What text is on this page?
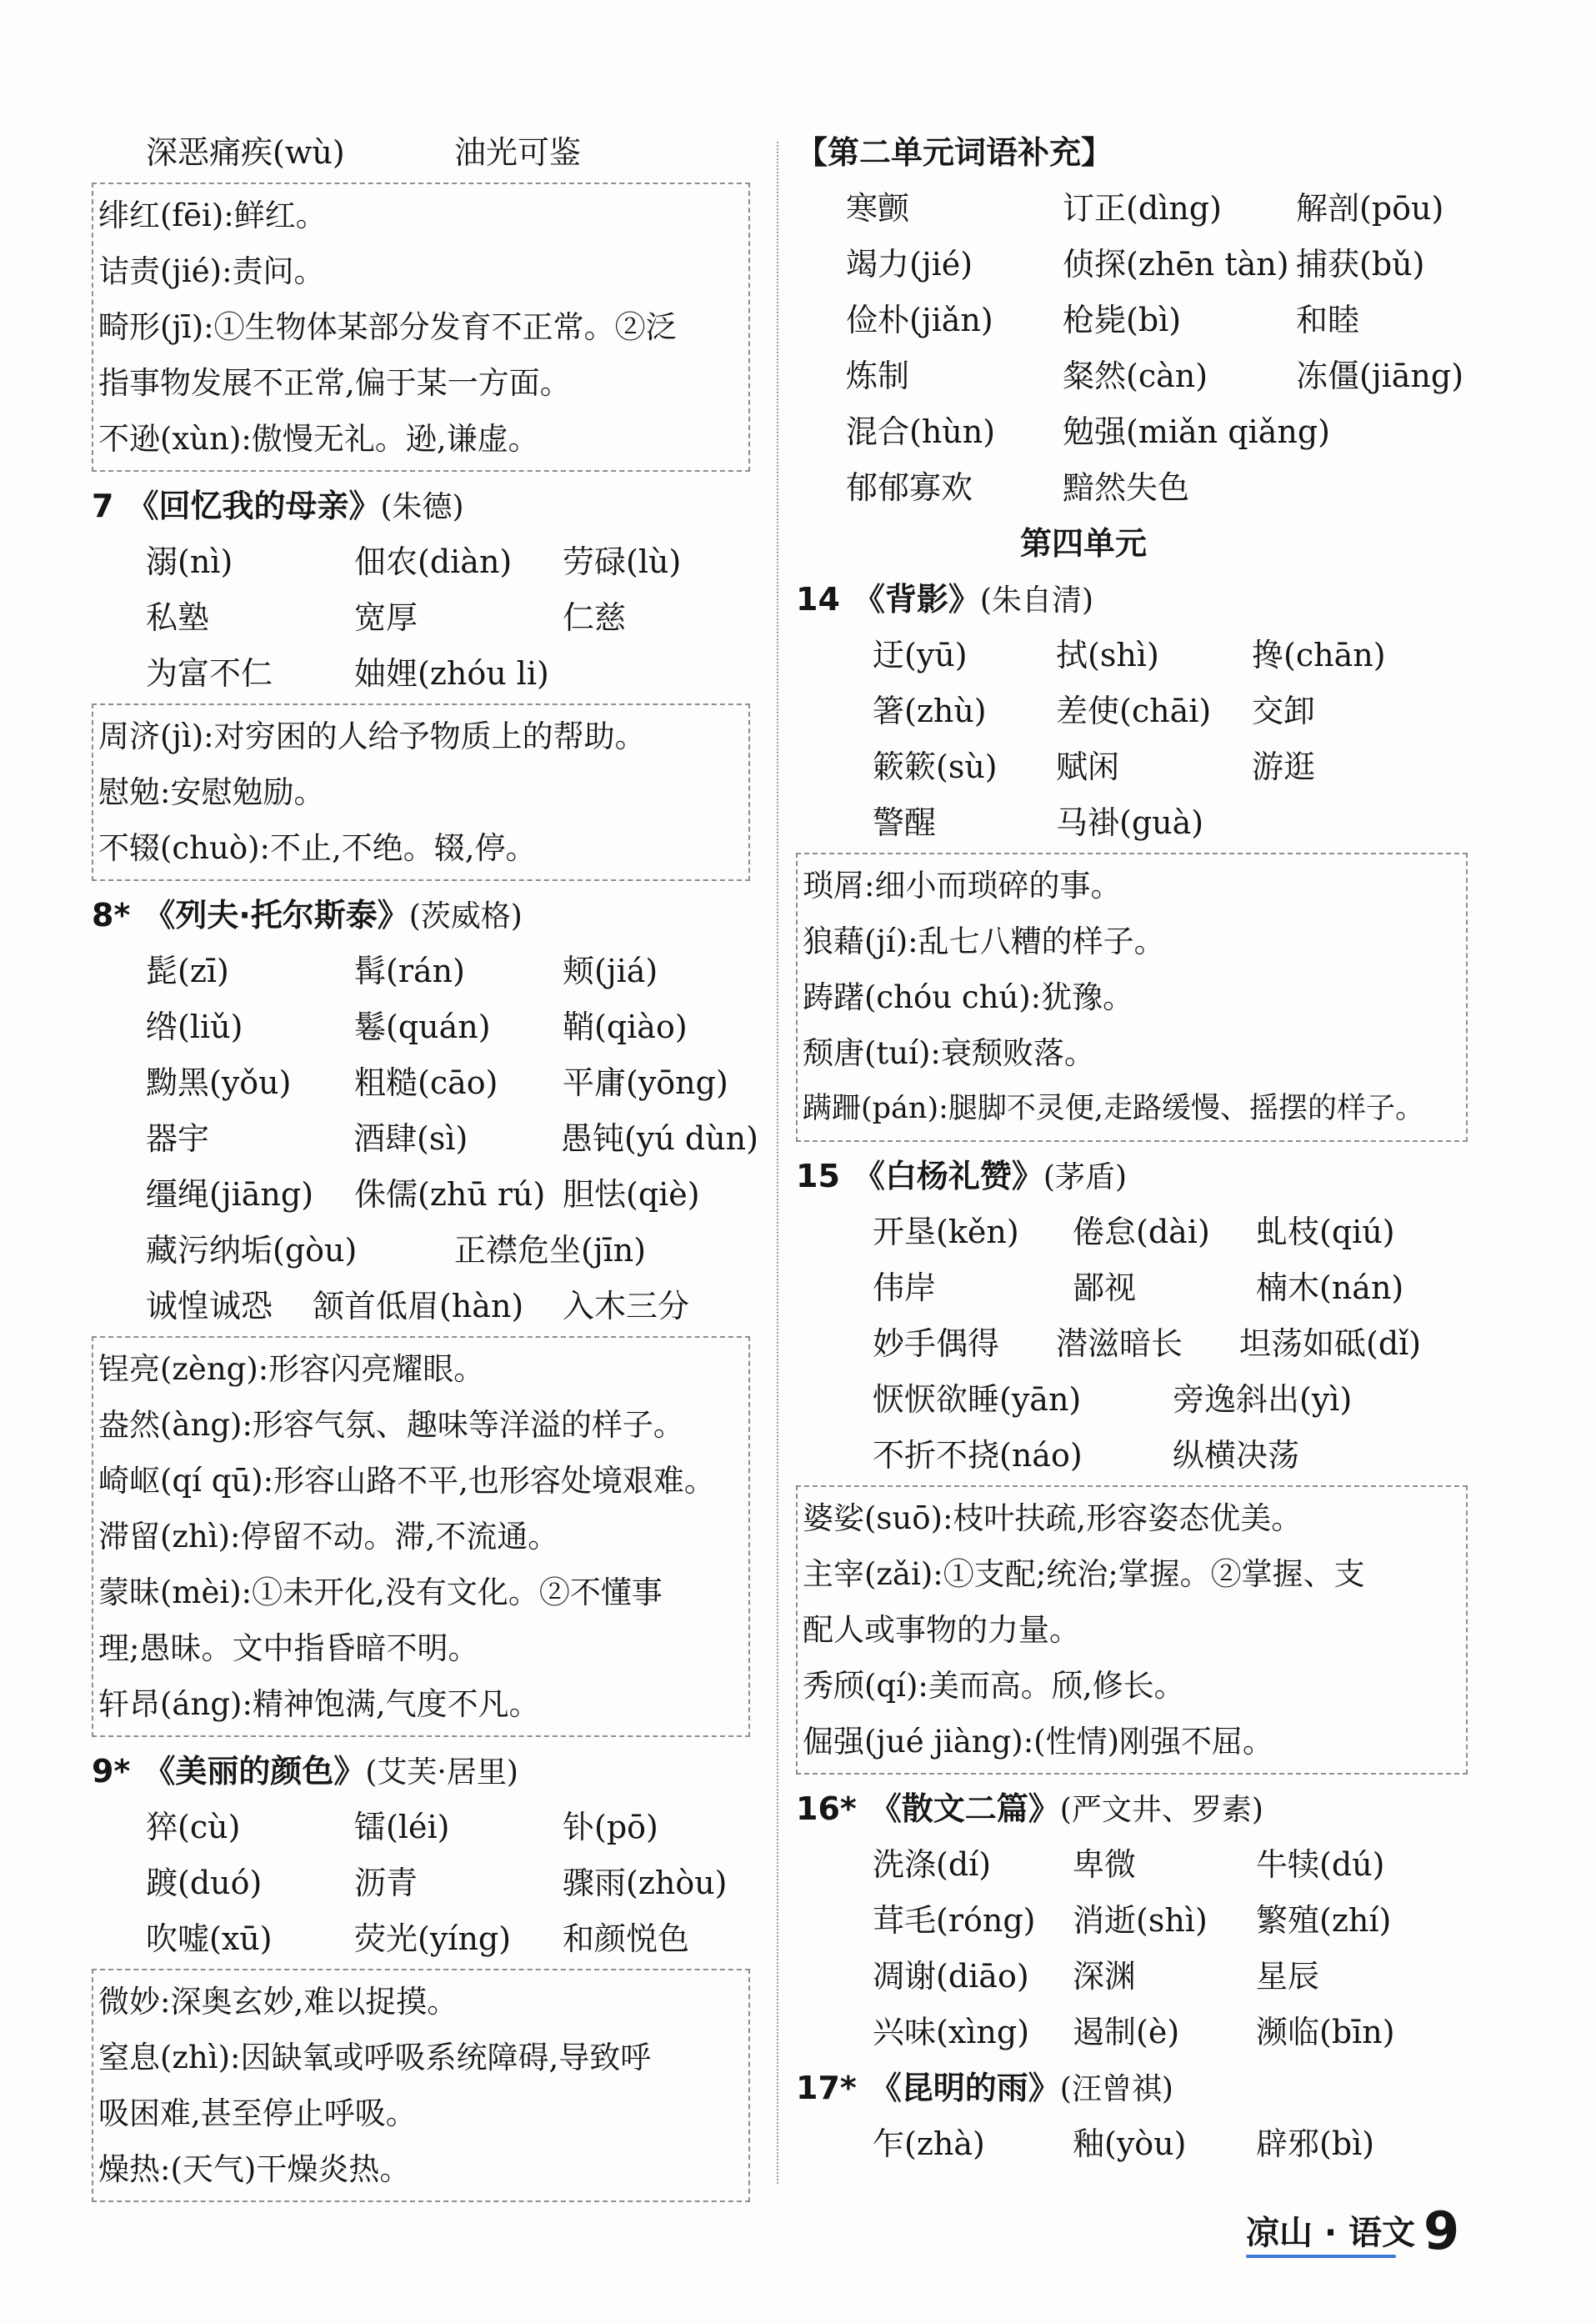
深恶痛疾(wù)	油光可鉴
绯红(fēi):鲜红。
诘责(jié):责问。
畸形(jī):①生物体某部分发育不正常。②泛
指事物发展不正常,偏于某一方面。
不逊(xùn):傲慢无礼。逊,谦虚。
7 《回忆我的母亲》(朱德)
溺(nì)	佃农(diàn)	劳碌(lù)
私塾	宽厚	仁慈
为富不仁	妯娌(zhóu li)
周济(jì):对穷困的人给予物质上的帮助。
慰勉:安慰勉励。
不辍(chuò):不止,不绝。辍,停。
8* 《列夫·托尔斯泰》(茨威格)
髭(zī)	髯(rán)	颊(jiá)
绺(liǔ)	鬈(quán)	鞘(qiào)
黝黑(yǒu)	粗糙(cāo)	平庸(yōng)
器宇	酒肆(sì)	愚钝(yú dùn)
缰绳(jiāng)	侏儒(zhū rú) 胆怯(qiè)
藏污纳垢(gòu)	正襟危坐(jīn)
诚惶诚恐	颔首低眉(hàn)	入木三分
锃亮(zèng):形容闪亮耀眼。
盎然(àng):形容气氛、趣味等洋溢的样子。
崎岖(qí qū):形容山路不平,也形容处境艰难。
滞留(zhì):停留不动。滞,不流通。
蒙昧(mèi):①未开化,没有文化。②不懂事
理;愚昧。文中指昏暗不明。
轩昂(áng):精神饱满,气度不凡。
9* 《美丽的颜色》(艾芙·居里)
猝(cù)	镭(léi)	钋(pō)
踱(duó)	沥青	骤雨(zhòu)
吹嘘(xū)	荧光(yíng)	和颜悦色
微妙:深奥玄妙,难以捉摸。
窒息(zhì):因缺氧或呼吸系统障碍,导致呼
吸困难,甚至停止呼吸。
燥热:(天气)干燥炎热。
【第二单元词语补充】
寒颤	订正(dìng)	解剖(pōu)
竭力(jié)	侦探(zhēn tàn) 捕获(bǔ)
俭朴(jiǎn)	枪毙(bì)	和睦
炼制	粲然(càn)	冻僵(jiāng)
混合(hùn)	勉强(miǎn qiǎng)
郁郁寡欢	黯然失色
第四单元
14 《背影》(朱自清)
迂(yū)	拭(shì)	搀(chān)
箸(zhù)	差使(chāi)	交卸
簌簌(sù)	赋闲	游逛
警醒	马褂(guà)
琐屑:细小而琐碎的事。
狼藉(jí):乱七八糟的样子。
踌躇(chóu chú):犹豫。
颓唐(tuí):衰颓败落。
蹒跚(pán):腿脚不灵便,走路缓慢、摇摆的样子。
15 《白杨礼赞》(茅盾)
开垦(kěn)	倦怠(dài)	虬枝(qiú)
伟岸	鄙视	楠木(nán)
妙手偶得	潜滋暗长	坦荡如砥(dǐ)
恹恹欲睡(yān)	旁逸斜出(yì)
不折不挠(náo)	纵横决荡
婆娑(suō):枝叶扶疏,形容姿态优美。
主宰(zǎi):①支配;统治;掌握。②掌握、支
配人或事物的力量。
秀颀(qí):美而高。颀,修长。
倔强(jué jiàng):(性情)刚强不屈。
16* 《散文二篇》(严文井、罗素)
洗涤(dí)	卑微	牛犊(dú)
茸毛(róng)	消逝(shì)	繁殖(zhí)
凋谢(diāo)	深渊	星辰
兴味(xìng)	遏制(è)	濒临(bīn)
17* 《昆明的雨》(汪曾祺)
乍(zhà)	釉(yòu)	辟邪(bì)
凉山 · 语文 9
